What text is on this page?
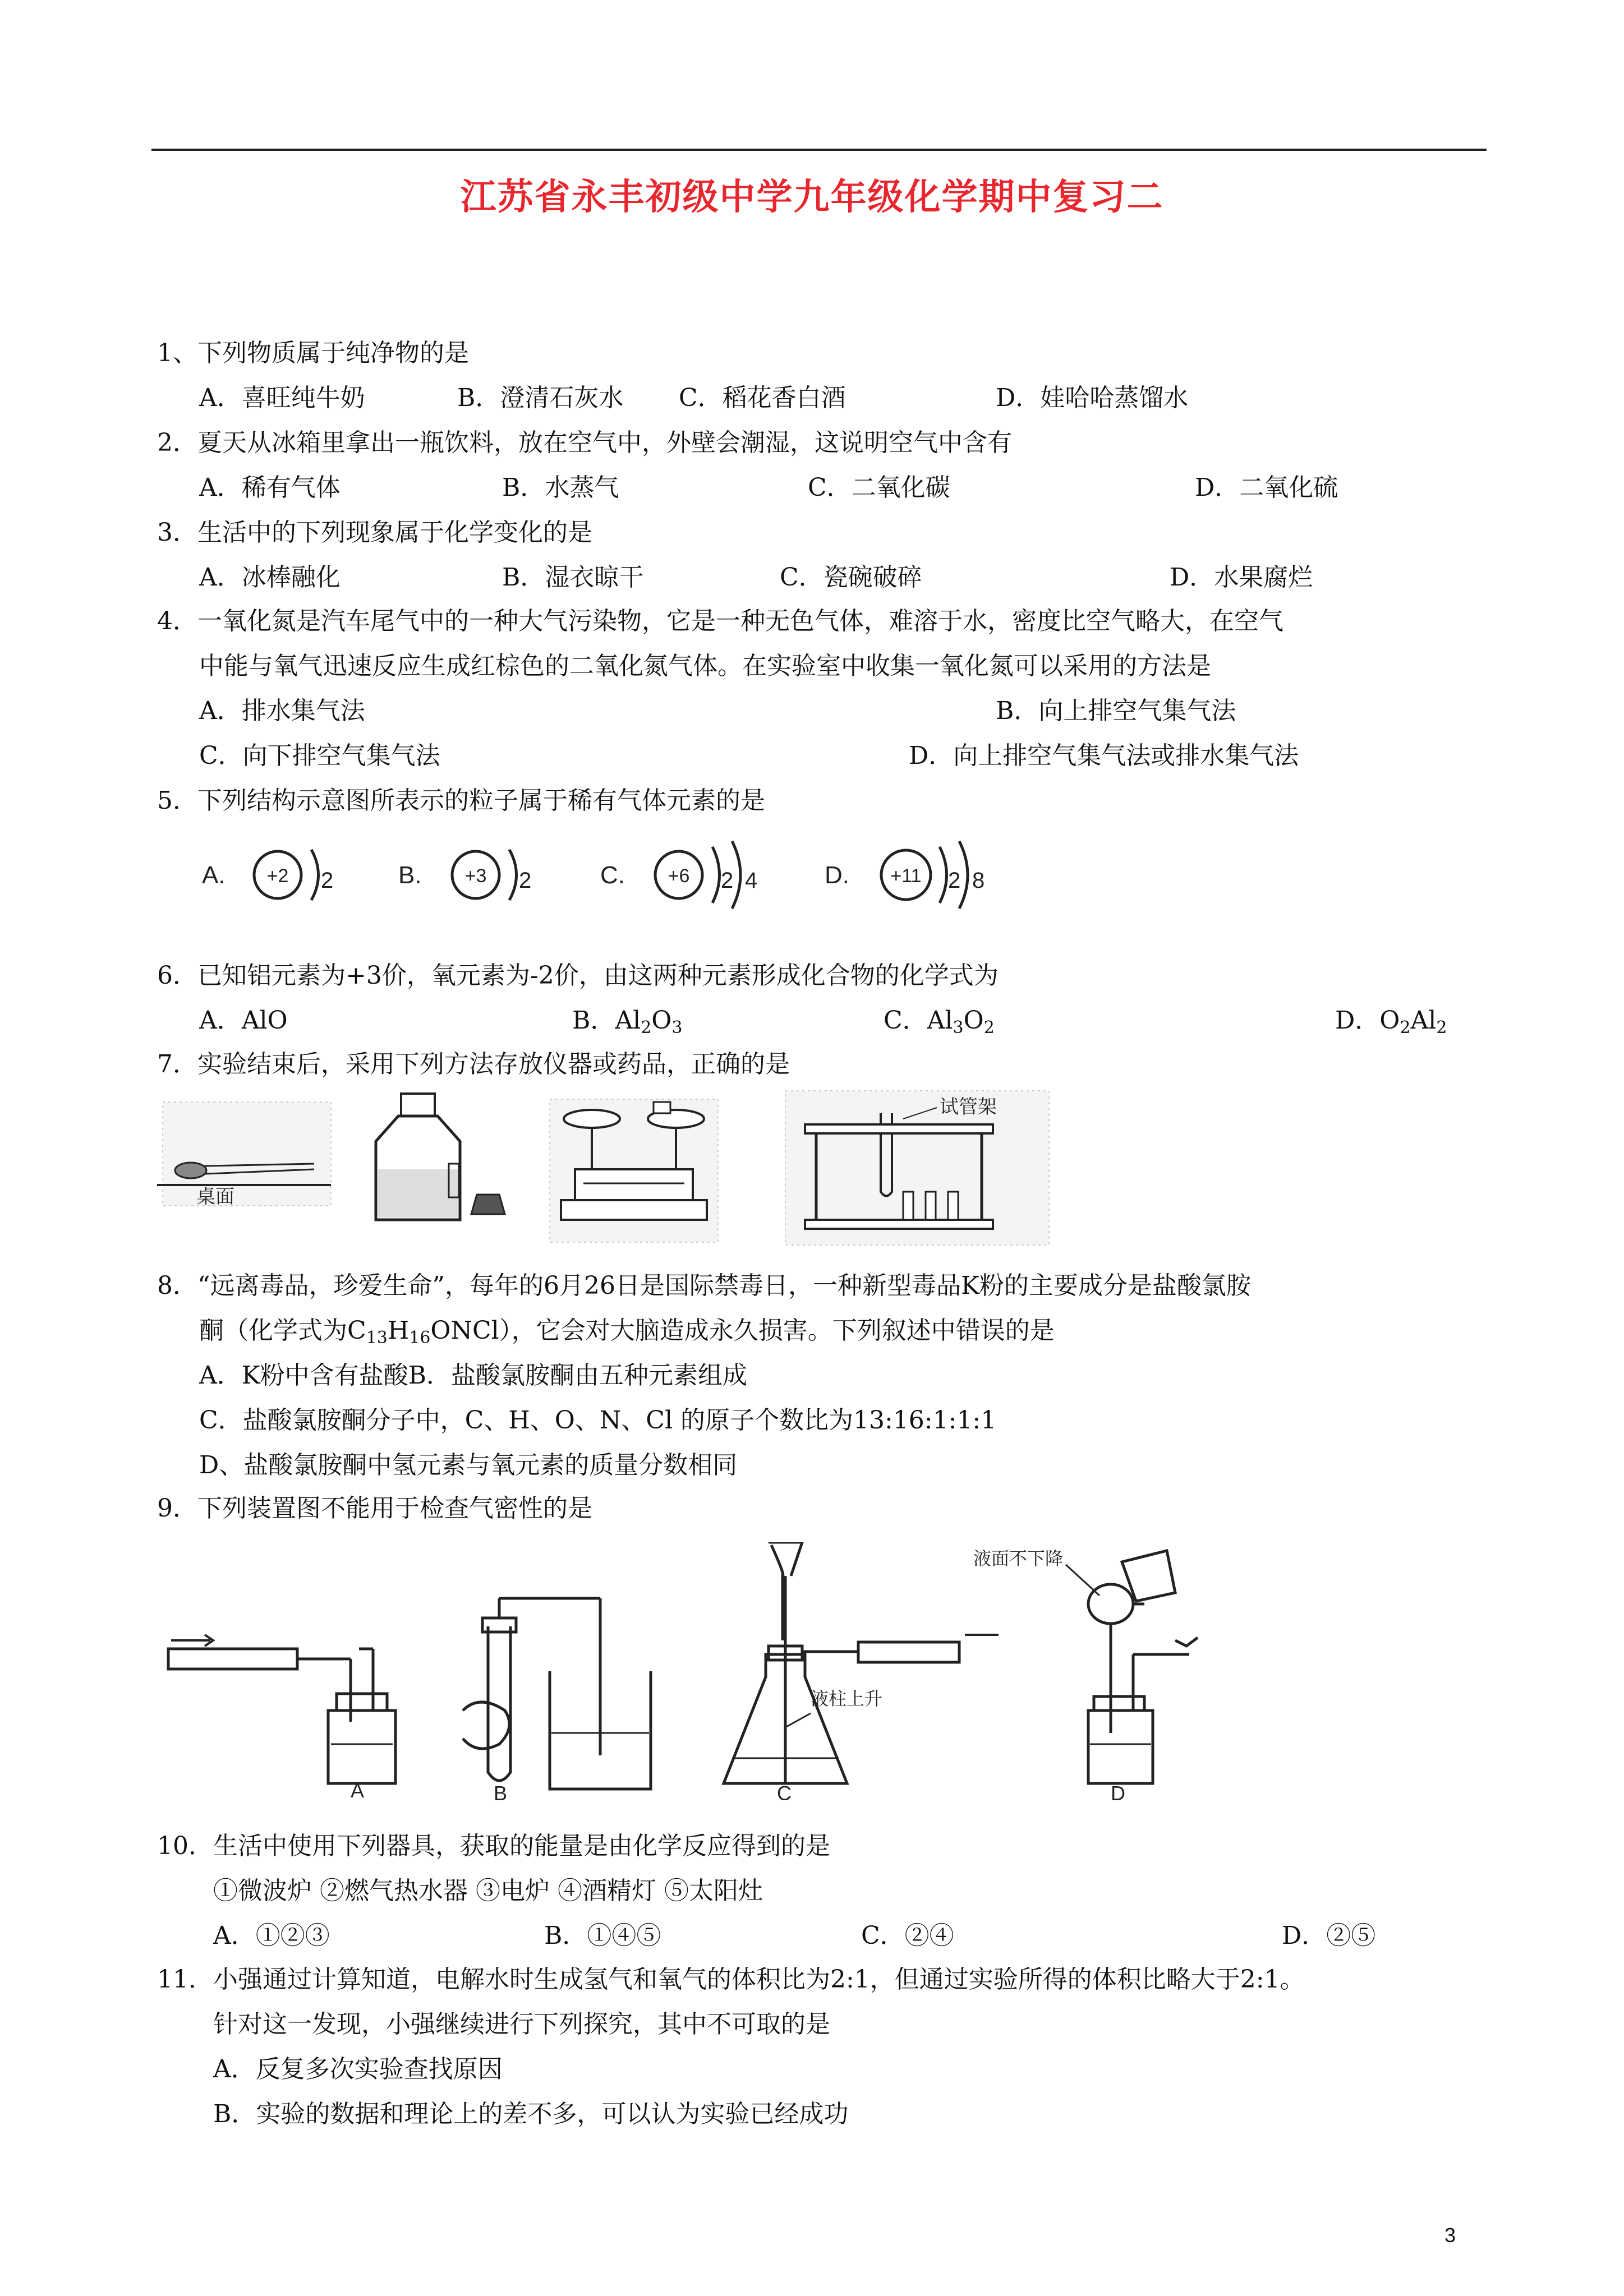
江苏省永丰初级中学九年级化学期中复习二
1、下列物质属于纯净物的是
A．喜旺纯牛奶	B．澄清石灰水 C．稻花香白酒	D．娃哈哈蒸馏水
2．夏天从冰箱里拿出一瓶饮料，放在空气中，外壁会潮湿，这说明空气中含有
A．稀有气体	B．水蒸气	C．二氧化碳	D．二氧化硫
3．生活中的下列现象属于化学变化的是
A．冰棒融化	B．湿衣晾干	C．瓷碗破碎	D．水果腐烂
4．一氧化氮是汽车尾气中的一种大气污染物，它是一种无色气体，难溶于水，密度比空气略大，在空气
中能与氧气迅速反应生成红棕色的二氧化氮气体。在实验室中收集一氧化氮可以采用的方法是
A．排水集气法	B．向上排空气集气法
C．向下排空气集气法	D．向上排空气集气法或排水集气法
5．下列结构示意图所表示的粒子属于稀有气体元素的是
A. +2 2	B. +3 2	C. +6 2 4	D. +11 2 8
6．已知铝元素为+3价，氧元素为-2价，由这两种元素形成化合物的化学式为
A．AlO	B．$Al_2O_3$	C．$Al_3O_2$	D．$O_2Al_2$
7．实验结束后，采用下列方法存放仪器或药品，正确的是
桌面
试管架
8．“远离毒品，珍爱生命”，每年的6月26日是国际禁毒日，一种新型毒品K粉的主要成分是盐酸氯胺
酮（化学式为$C_{13}H_{16}ONCl$），它会对大脑造成永久损害。下列叙述中错误的是
A．K粉中含有盐酸B．盐酸氯胺酮由五种元素组成
C．盐酸氯胺酮分子中，C、H、O、N、Cl 的原子个数比为13:16:1:1:1
D、盐酸氯胺酮中氢元素与氧元素的质量分数相同
9．下列装置图不能用于检查气密性的是
A	B
液柱上升
C
液面不下降
D
10．生活中使用下列器具，获取的能量是由化学反应得到的是
①微波炉 ②燃气热水器 ③电炉 ④酒精灯 ⑤太阳灶
A．①②③	B．①④⑤	C．②④	D．②⑤
11．小强通过计算知道，电解水时生成氢气和氧气的体积比为2:1，但通过实验所得的体积比略大于2:1。
针对这一发现，小强继续进行下列探究，其中不可取的是
A．反复多次实验查找原因
B．实验的数据和理论上的差不多，可以认为实验已经成功
3
